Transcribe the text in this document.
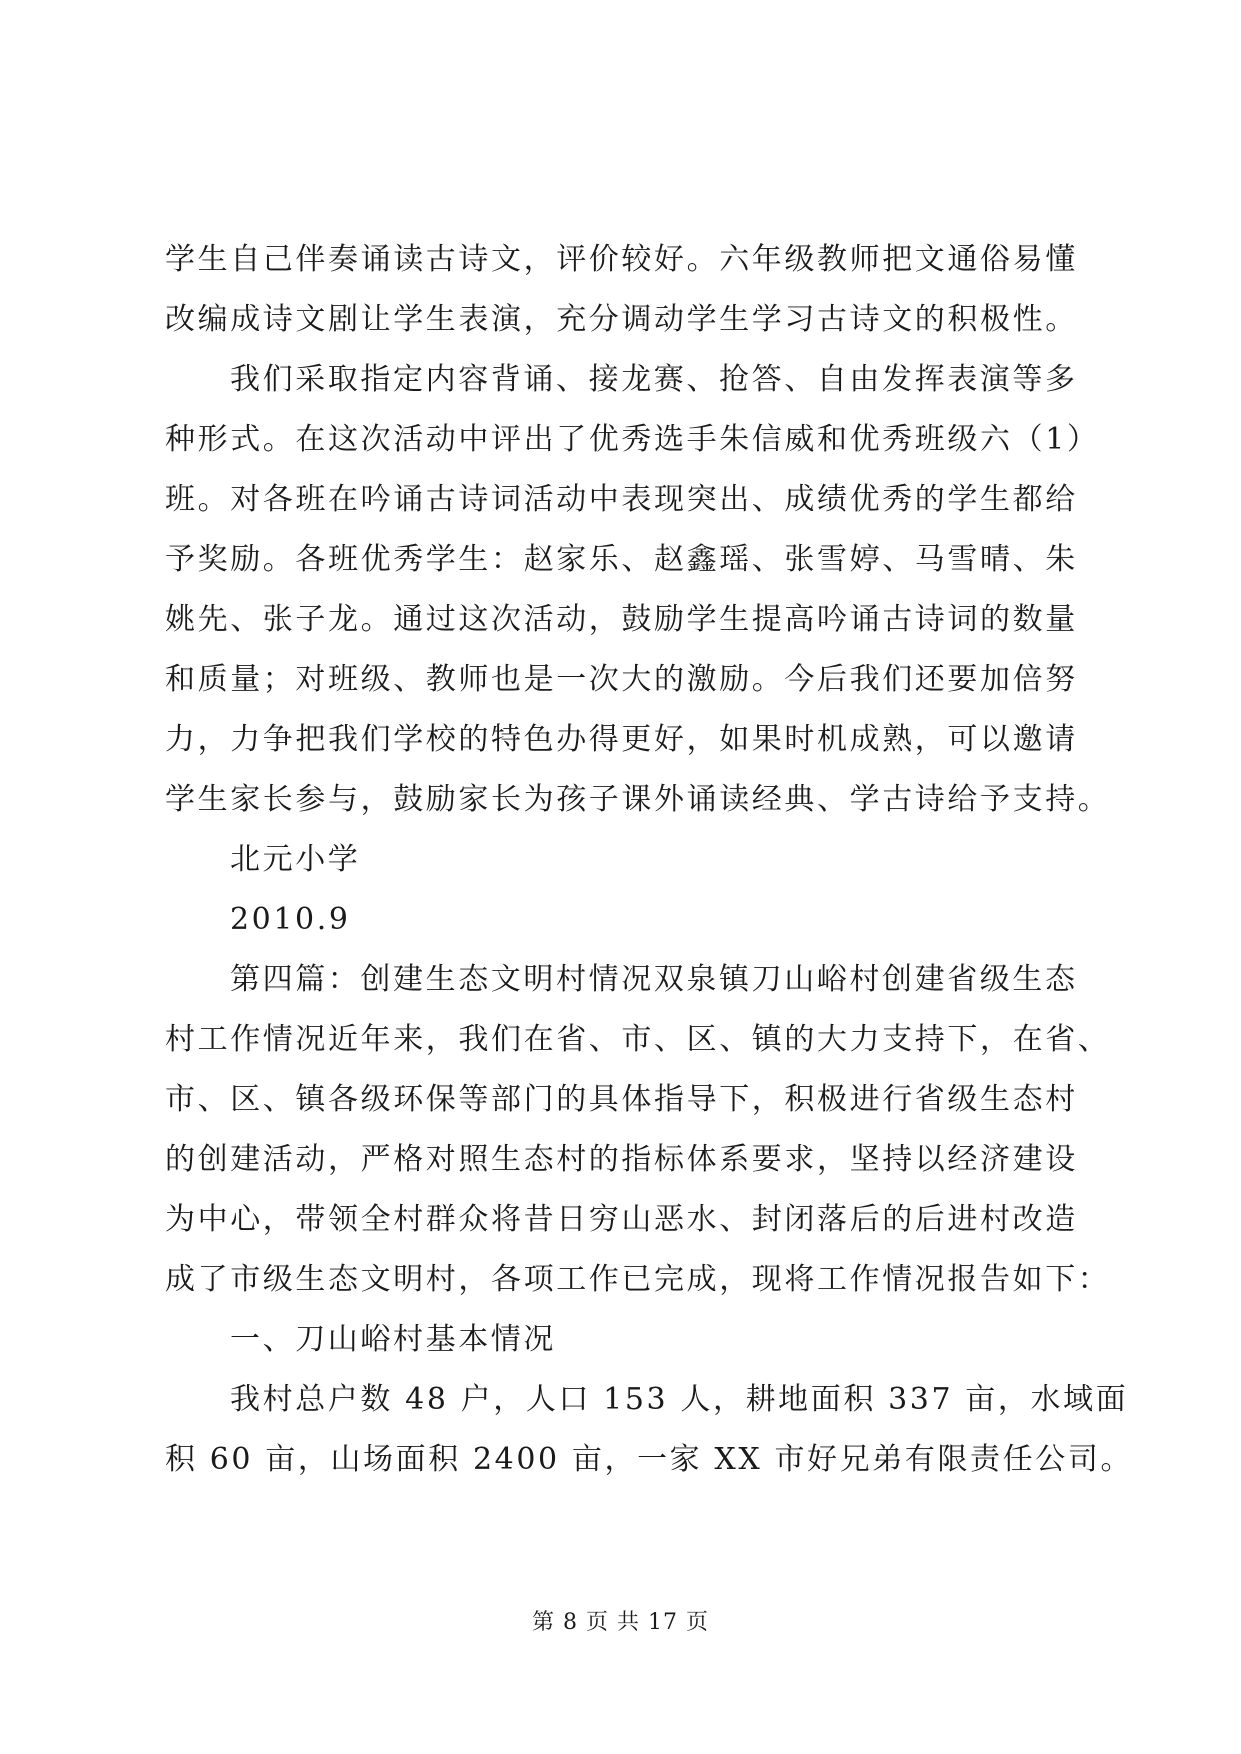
学生自己伴奏诵读古诗文，评价较好。六年级教师把文通俗易懂
改编成诗文剧让学生表演，充分调动学生学习古诗文的积极性。
我们采取指定内容背诵、接龙赛、抢答、自由发挥表演等多
种形式。在这次活动中评出了优秀选手朱信威和优秀班级六（1）
班。对各班在吟诵古诗词活动中表现突出、成绩优秀的学生都给
予奖励。各班优秀学生：赵家乐、赵鑫瑶、张雪婷、马雪晴、朱
姚先、张子龙。通过这次活动，鼓励学生提高吟诵古诗词的数量
和质量；对班级、教师也是一次大的激励。今后我们还要加倍努
力，力争把我们学校的特色办得更好，如果时机成熟，可以邀请
学生家长参与，鼓励家长为孩子课外诵读经典、学古诗给予支持。
北元小学
2010.9
第四篇：创建生态文明村情况双泉镇刀山峪村创建省级生态
村工作情况近年来，我们在省、市、区、镇的大力支持下，在省、
市、区、镇各级环保等部门的具体指导下，积极进行省级生态村
的创建活动，严格对照生态村的指标体系要求，坚持以经济建设
为中心，带领全村群众将昔日穷山恶水、封闭落后的后进村改造
成了市级生态文明村，各项工作已完成，现将工作情况报告如下：
一、刀山峪村基本情况
我村总户数 48 户，人口 153 人，耕地面积 337 亩，水域面
积 60 亩，山场面积 2400 亩，一家 XX 市好兄弟有限责任公司。
第 8 页 共 17 页
